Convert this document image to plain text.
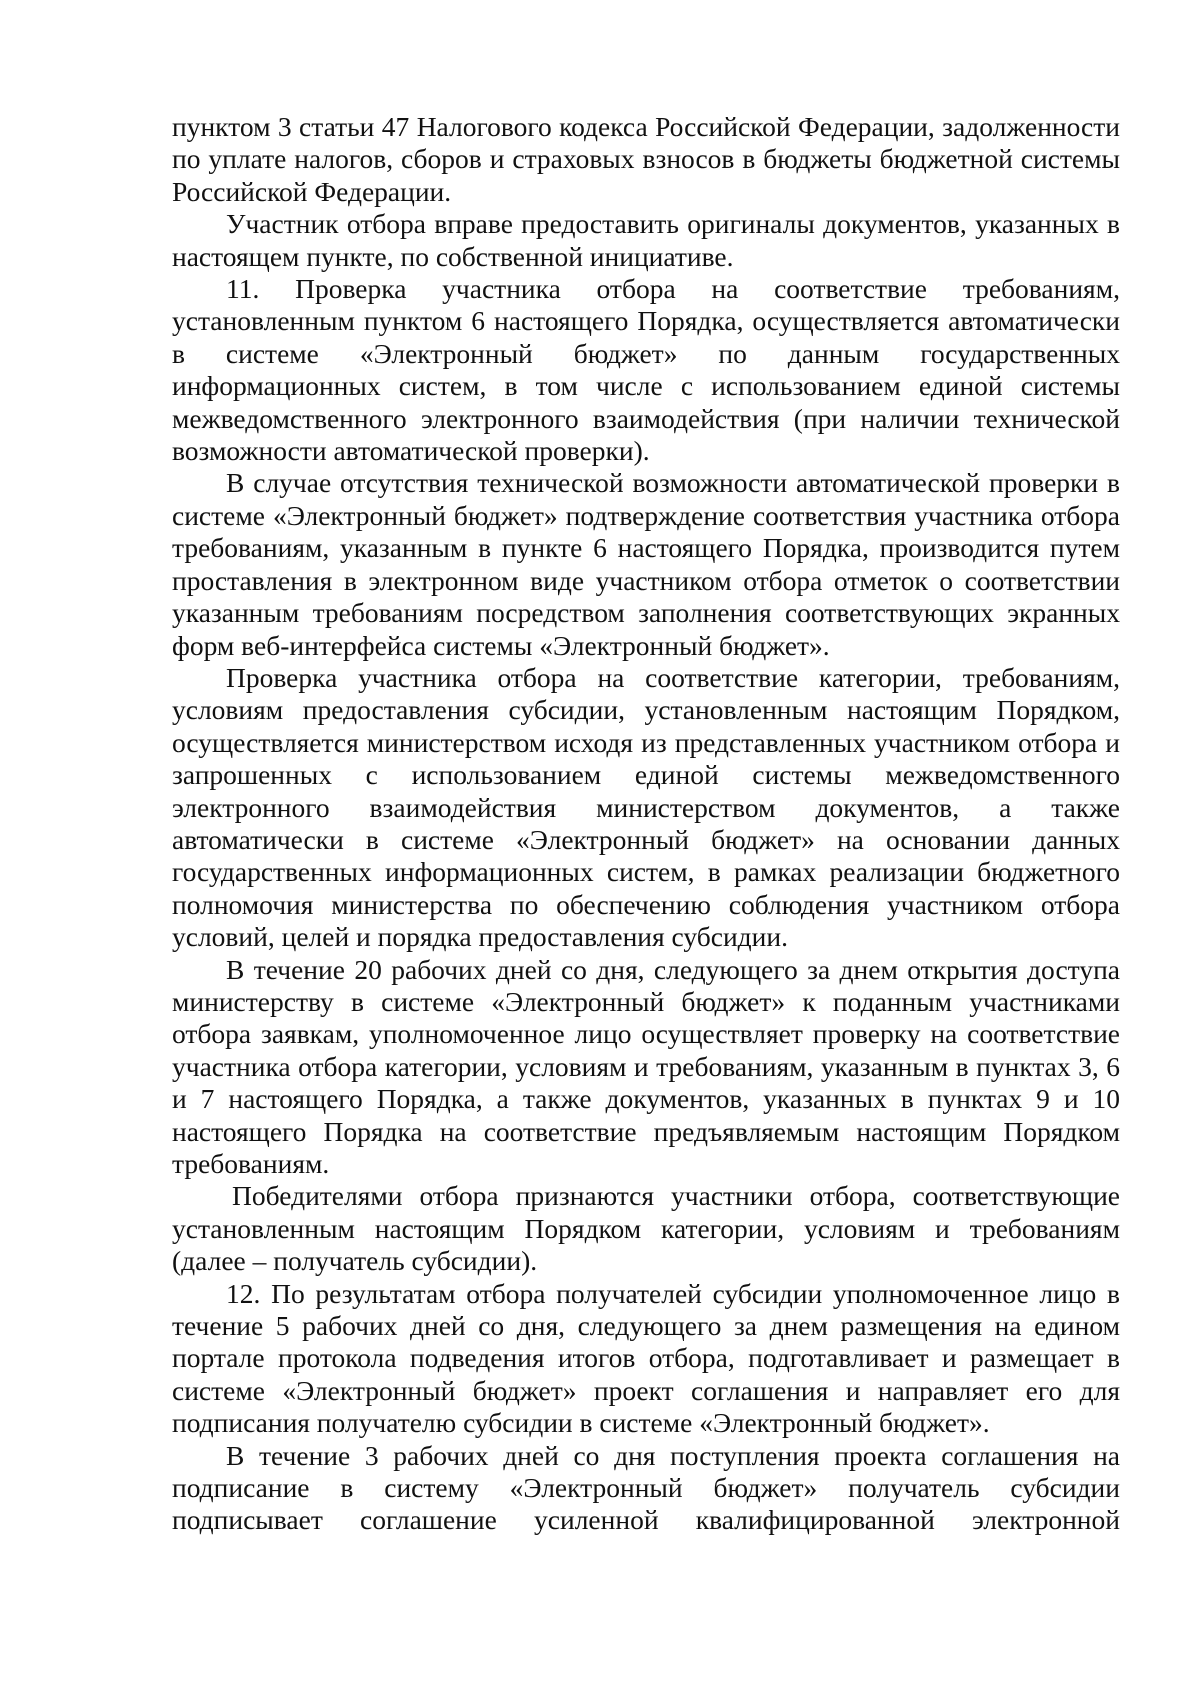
пунктом 3 статьи 47 Налогового кодекса Российской Федерации, задолженности по уплате налогов, сборов и страховых взносов в бюджеты бюджетной системы Российской Федерации.

Участник отбора вправе предоставить оригиналы документов, указанных в настоящем пункте, по собственной инициативе.

11. Проверка участника отбора на соответствие требованиям, установленным пунктом 6 настоящего Порядка, осуществляется автоматически в системе «Электронный бюджет» по данным государственных информационных систем, в том числе с использованием единой системы межведомственного электронного взаимодействия (при наличии технической возможности автоматической проверки).

В случае отсутствия технической возможности автоматической проверки в системе «Электронный бюджет» подтверждение соответствия участника отбора требованиям, указанным в пункте 6 настоящего Порядка, производится путем проставления в электронном виде участником отбора отметок о соответствии указанным требованиям посредством заполнения соответствующих экранных форм веб-интерфейса системы «Электронный бюджет».

Проверка участника отбора на соответствие категории, требованиям, условиям предоставления субсидии, установленным настоящим Порядком, осуществляется министерством исходя из представленных участником отбора и запрошенных с использованием единой системы межведомственного электронного взаимодействия министерством документов, а также автоматически в системе «Электронный бюджет» на основании данных государственных информационных систем, в рамках реализации бюджетного полномочия министерства по обеспечению соблюдения участником отбора условий, целей и порядка предоставления субсидии.

В течение 20 рабочих дней со дня, следующего за днем открытия доступа министерству в системе «Электронный бюджет» к поданным участниками отбора заявкам, уполномоченное лицо осуществляет проверку на соответствие участника отбора категории, условиям и требованиям, указанным в пунктах 3, 6 и 7 настоящего Порядка, а также документов, указанных в пунктах 9 и 10 настоящего Порядка на соответствие предъявляемым настоящим Порядком требованиям.

Победителями отбора признаются участники отбора, соответствующие установленным настоящим Порядком категории, условиям и требованиям (далее – получатель субсидии).

12. По результатам отбора получателей субсидии уполномоченное лицо в течение 5 рабочих дней со дня, следующего за днем размещения на едином портале протокола подведения итогов отбора, подготавливает и размещает в системе «Электронный бюджет» проект соглашения и направляет его для подписания получателю субсидии в системе «Электронный бюджет».

В течение 3 рабочих дней со дня поступления проекта соглашения на подписание в систему «Электронный бюджет» получатель субсидии подписывает соглашение усиленной квалифицированной электронной
